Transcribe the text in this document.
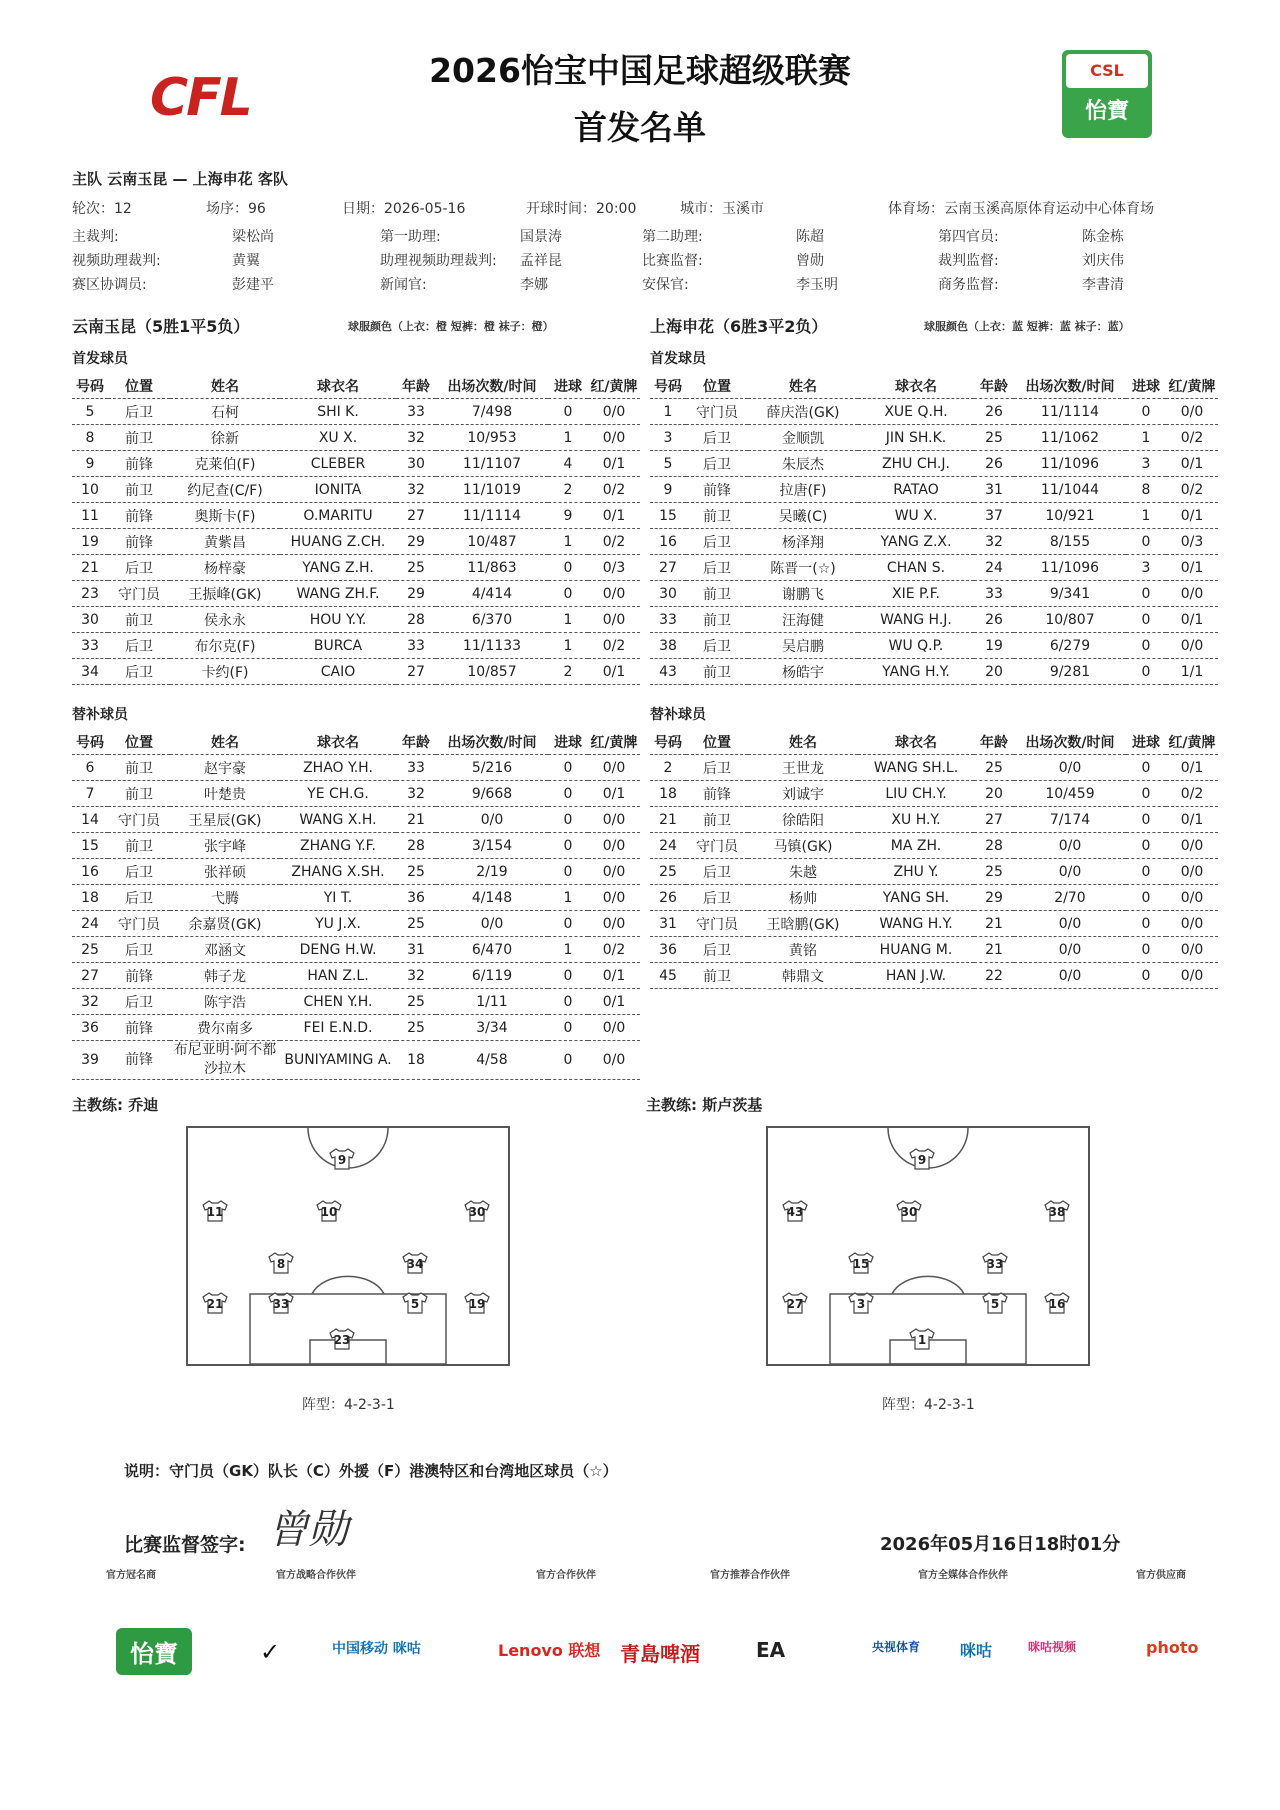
CFL	2026怡宝中国足球超级联赛
首发名单
CSL
怡寶
主队 云南玉昆 — 上海申花 客队
轮次：12	场序：96	日期：2026-05-16	开球时间：20:00	城市：玉溪市	体育场：云南玉溪高原体育运动中心体育场
主裁判:	梁松尚	第一助理:	国景涛	第二助理:	陈超	第四官员:	陈金栋
视频助理裁判:	黄翼	助理视频助理裁判: 孟祥昆	比赛监督:	曾勋	裁判监督:	刘庆伟
赛区协调员:	彭建平	新闻官:	李娜	安保官:	李玉明	商务监督:	李書清
云南玉昆（5胜1平5负）	球服颜色（上衣：橙 短裤：橙 袜子：橙）	上海申花（6胜3平2负）	球服颜色（上衣：蓝 短裤：蓝 袜子：蓝）
首发球员	首发球员
号码	位置	姓名	球衣名	年龄	出场次数/时间	进球	红/黄牌
5	后卫	石柯	SHI K.	33	7/498	0	0/0
8	前卫	徐新	XU X.	32	10/953	1	0/0
9	前锋	克莱伯(F)	CLEBER	30	11/1107	4	0/1
10	前卫	约尼查(C/F)	IONITA	32	11/1019	2	0/2
11	前锋	奥斯卡(F)	O.MARITU	27	11/1114	9	0/1
19	前锋	黄紫昌	HUANG Z.CH.	29	10/487	1	0/2
21	后卫	杨梓豪	YANG Z.H.	25	11/863	0	0/3
23	守门员	王振峰(GK)	WANG ZH.F.	29	4/414	0	0/0
30	前卫	侯永永	HOU Y.Y.	28	6/370	1	0/0
33	后卫	布尔克(F)	BURCA	33	11/1133	1	0/2
34	后卫	卡约(F)	CAIO	27	10/857	2	0/1
号码	位置	姓名	球衣名	年龄	出场次数/时间	进球	红/黄牌
1	守门员	薛庆浩(GK)	XUE Q.H.	26	11/1114	0	0/0
3	后卫	金顺凯	JIN SH.K.	25	11/1062	1	0/2
5	后卫	朱辰杰	ZHU CH.J.	26	11/1096	3	0/1
9	前锋	拉唐(F)	RATAO	31	11/1044	8	0/2
15	前卫	吴曦(C)	WU X.	37	10/921	1	0/1
16	后卫	杨泽翔	YANG Z.X.	32	8/155	0	0/3
27	后卫	陈晋一(☆)	CHAN S.	24	11/1096	3	0/1
30	前卫	谢鹏飞	XIE P.F.	33	9/341	0	0/0
33	前卫	汪海健	WANG H.J.	26	10/807	0	0/1
38	后卫	吴启鹏	WU Q.P.	19	6/279	0	0/0
43	前卫	杨皓宇	YANG H.Y.	20	9/281	0	1/1
替补球员	替补球员
号码	位置	姓名	球衣名	年龄	出场次数/时间	进球	红/黄牌
6	前卫	赵宇豪	ZHAO Y.H.	33	5/216	0	0/0
7	前卫	叶楚贵	YE CH.G.	32	9/668	0	0/1
14	守门员	王星辰(GK)	WANG X.H.	21	0/0	0	0/0
15	前卫	张宇峰	ZHANG Y.F.	28	3/154	0	0/0
16	后卫	张祥硕	ZHANG X.SH.	25	2/19	0	0/0
18	后卫	弋腾	YI T.	36	4/148	1	0/0
24	守门员	余嘉贤(GK)	YU J.X.	25	0/0	0	0/0
25	后卫	邓涵文	DENG H.W.	31	6/470	1	0/2
27	前锋	韩子龙	HAN Z.L.	32	6/119	0	0/1
32	后卫	陈宇浩	CHEN Y.H.	25	1/11	0	0/1
36	前锋	费尔南多	FEI E.N.D.	25	3/34	0	0/0
39	前锋	布尼亚明·阿不都沙拉木	BUNIYAMING A.	18	4/58	0	0/0
号码	位置	姓名	球衣名	年龄	出场次数/时间	进球	红/黄牌
2	后卫	王世龙	WANG SH.L.	25	0/0	0	0/1
18	前锋	刘诚宇	LIU CH.Y.	20	10/459	0	0/2
21	前卫	徐皓阳	XU H.Y.	27	7/174	0	0/1
24	守门员	马镇(GK)	MA ZH.	28	0/0	0	0/0
25	后卫	朱越	ZHU Y.	25	0/0	0	0/0
26	后卫	杨帅	YANG SH.	29	2/70	0	0/0
31	守门员	王晗鹏(GK)	WANG H.Y.	21	0/0	0	0/0
36	后卫	黄铭	HUANG M.	21	0/0	0	0/0
45	前卫	韩鼎文	HAN J.W.	22	0/0	0	0/0
主教练: 乔迪	主教练: 斯卢茨基
9
11	10	30
8	34
21	33	5	19
23
9
43	30	38
15	33
27	3	5	16
1
阵型：4-2-3-1	阵型：4-2-3-1
说明：守门员（GK）队长（C）外援（F）港澳特区和台湾地区球员（☆）
比赛监督签字: 曾勋	2026年05月16日18时01分
官方冠名商	官方战略合作伙伴	官方合作伙伴	官方推荐合作伙伴	官方全媒体合作伙伴	官方供应商
怡寶	✓	中国移动 咪咕	Lenovo 联想 青島啤酒	EA	央视体育 咪咕	咪咕视频	photo
